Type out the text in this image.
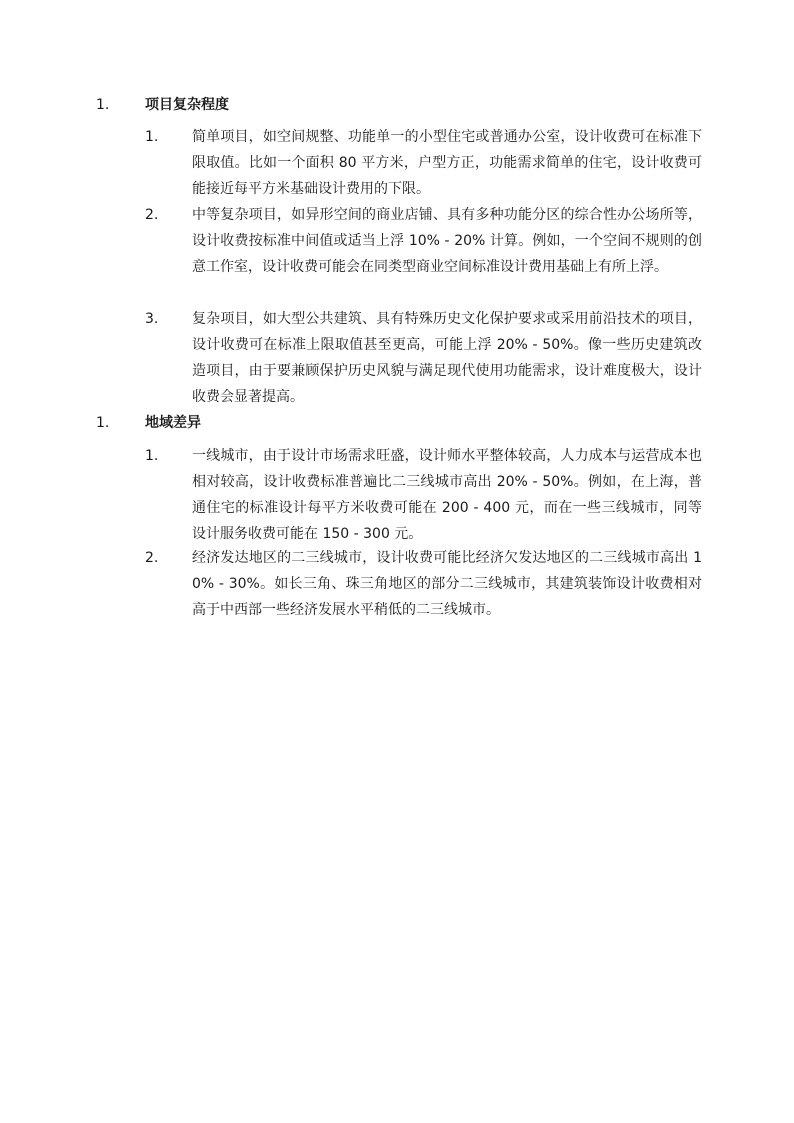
1.	项目复杂程度
1. 简单项目，如空间规整、功能单一的小型住宅或普通办公室，设计收费可在标准下限取值。比如一个面积 80 平方米，户型方正，功能需求简单的住宅，设计收费可能接近每平方米基础设计费用的下限。
2. 中等复杂项目，如异形空间的商业店铺、具有多种功能分区的综合性办公场所等，设计收费按标准中间值或适当上浮 10% - 20% 计算。例如，一个空间不规则的创意工作室，设计收费可能会在同类型商业空间标准设计费用基础上有所上浮。
3. 复杂项目，如大型公共建筑、具有特殊历史文化保护要求或采用前沿技术的项目，设计收费可在标准上限取值甚至更高，可能上浮 20% - 50%。像一些历史建筑改造项目，由于要兼顾保护历史风貌与满足现代使用功能需求，设计难度极大，设计收费会显著提高。
1.	地域差异
1. 一线城市，由于设计市场需求旺盛，设计师水平整体较高，人力成本与运营成本也相对较高，设计收费标准普遍比二三线城市高出 20% - 50%。例如，在上海，普通住宅的标准设计每平方米收费可能在 200 - 400 元，而在一些三线城市，同等设计服务收费可能在 150 - 300 元。
2. 经济发达地区的二三线城市，设计收费可能比经济欠发达地区的二三线城市高出 10% - 30%。如长三角、珠三角地区的部分二三线城市，其建筑装饰设计收费相对高于中西部一些经济发展水平稍低的二三线城市。
